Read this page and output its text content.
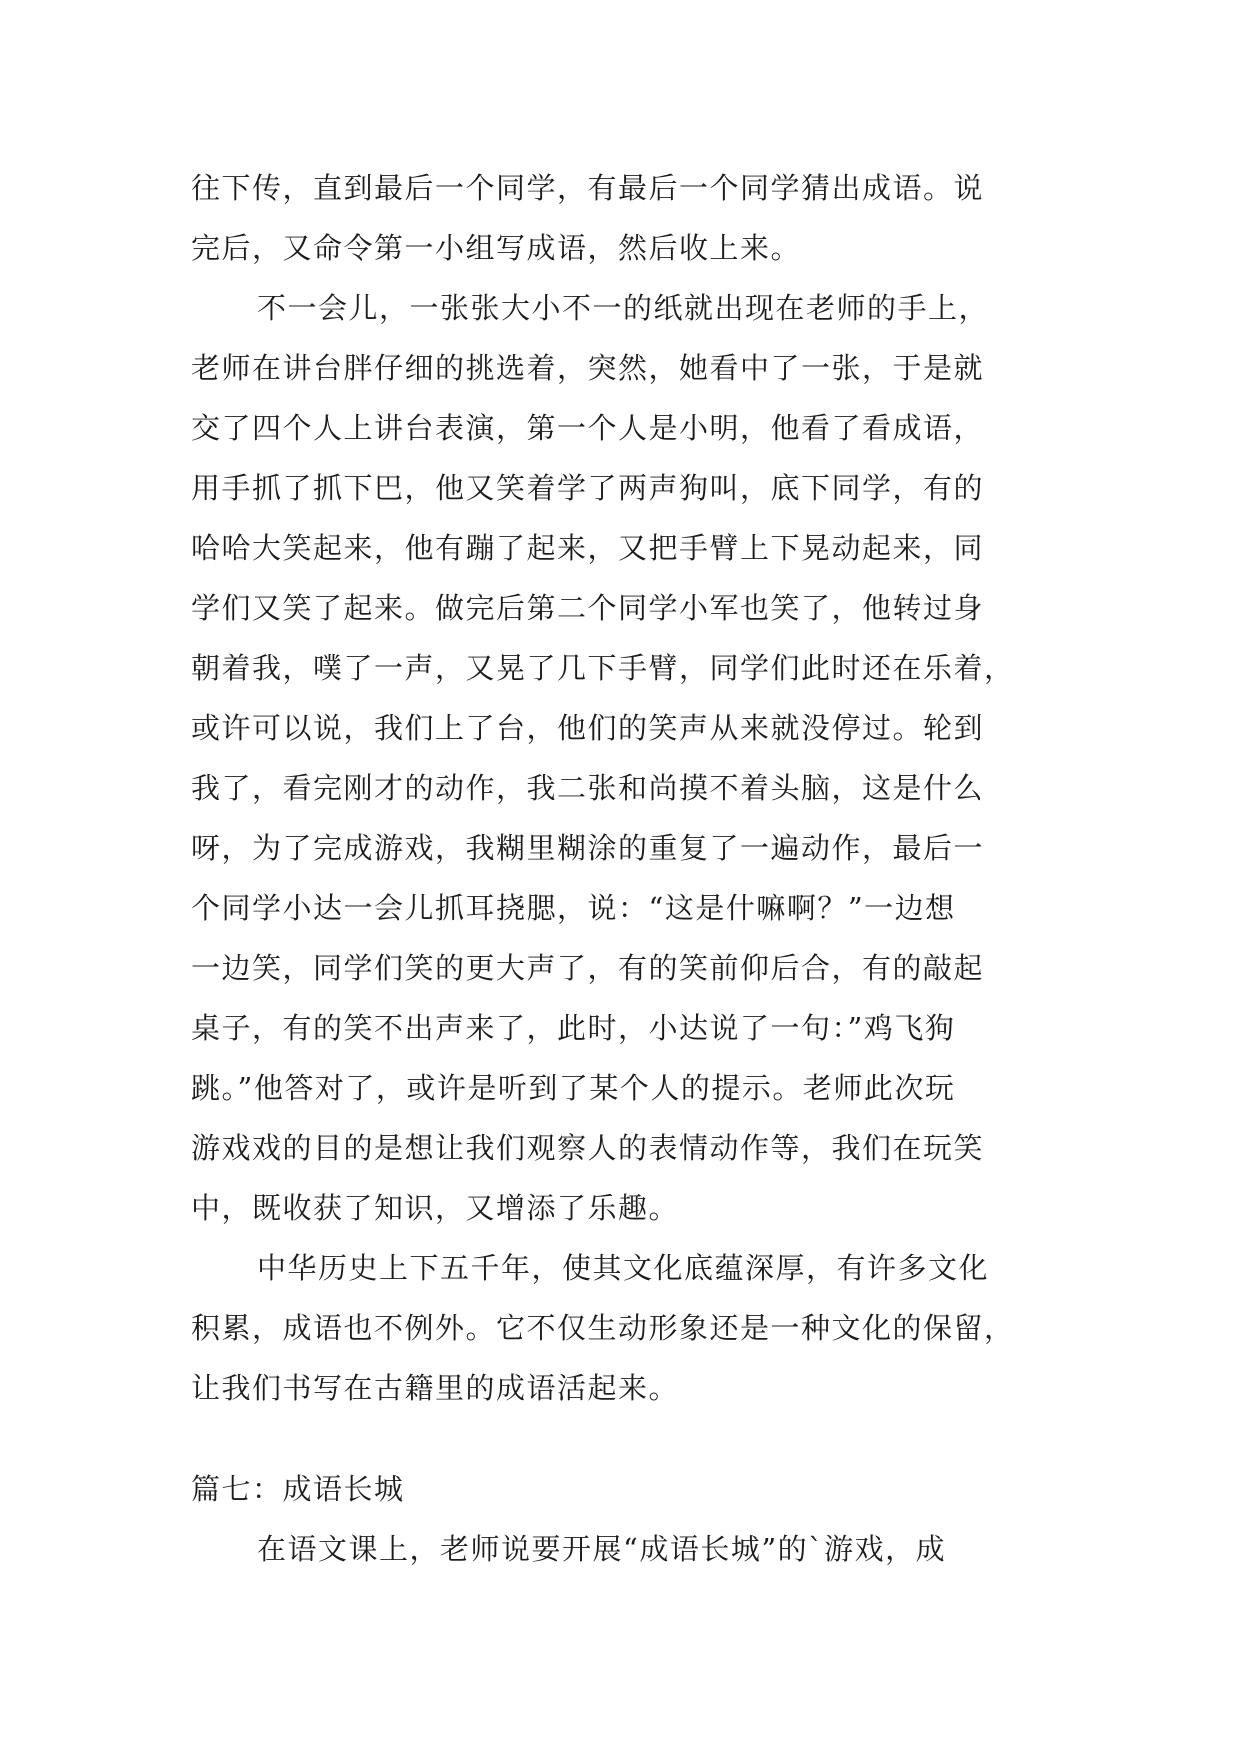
往下传，直到最后一个同学，有最后一个同学猜出成语。说
完后，又命令第一小组写成语，然后收上来。
不一会儿，一张张大小不一的纸就出现在老师的手上，
老师在讲台胖仔细的挑选着，突然，她看中了一张，于是就
交了四个人上讲台表演，第一个人是小明，他看了看成语，
用手抓了抓下巴，他又笑着学了两声狗叫，底下同学，有的
哈哈大笑起来，他有蹦了起来，又把手臂上下晃动起来，同
学们又笑了起来。做完后第二个同学小军也笑了，他转过身
朝着我，噗了一声，又晃了几下手臂，同学们此时还在乐着，
或许可以说，我们上了台，他们的笑声从来就没停过。轮到
我了，看完刚才的动作，我二张和尚摸不着头脑，这是什么
呀，为了完成游戏，我糊里糊涂的重复了一遍动作，最后一
个同学小达一会儿抓耳挠腮，说：“这是什嘛啊？”一边想
一边笑，同学们笑的更大声了，有的笑前仰后合，有的敲起
桌子，有的笑不出声来了，此时，小达说了一句：”鸡飞狗
跳。”他答对了，或许是听到了某个人的提示。老师此次玩
游戏戏的目的是想让我们观察人的表情动作等，我们在玩笑
中，既收获了知识，又增添了乐趣。
中华历史上下五千年，使其文化底蕴深厚，有许多文化
积累，成语也不例外。它不仅生动形象还是一种文化的保留，
让我们书写在古籍里的成语活起来。
篇七：成语长城
在语文课上，老师说要开展“成语长城”的`游戏，成
